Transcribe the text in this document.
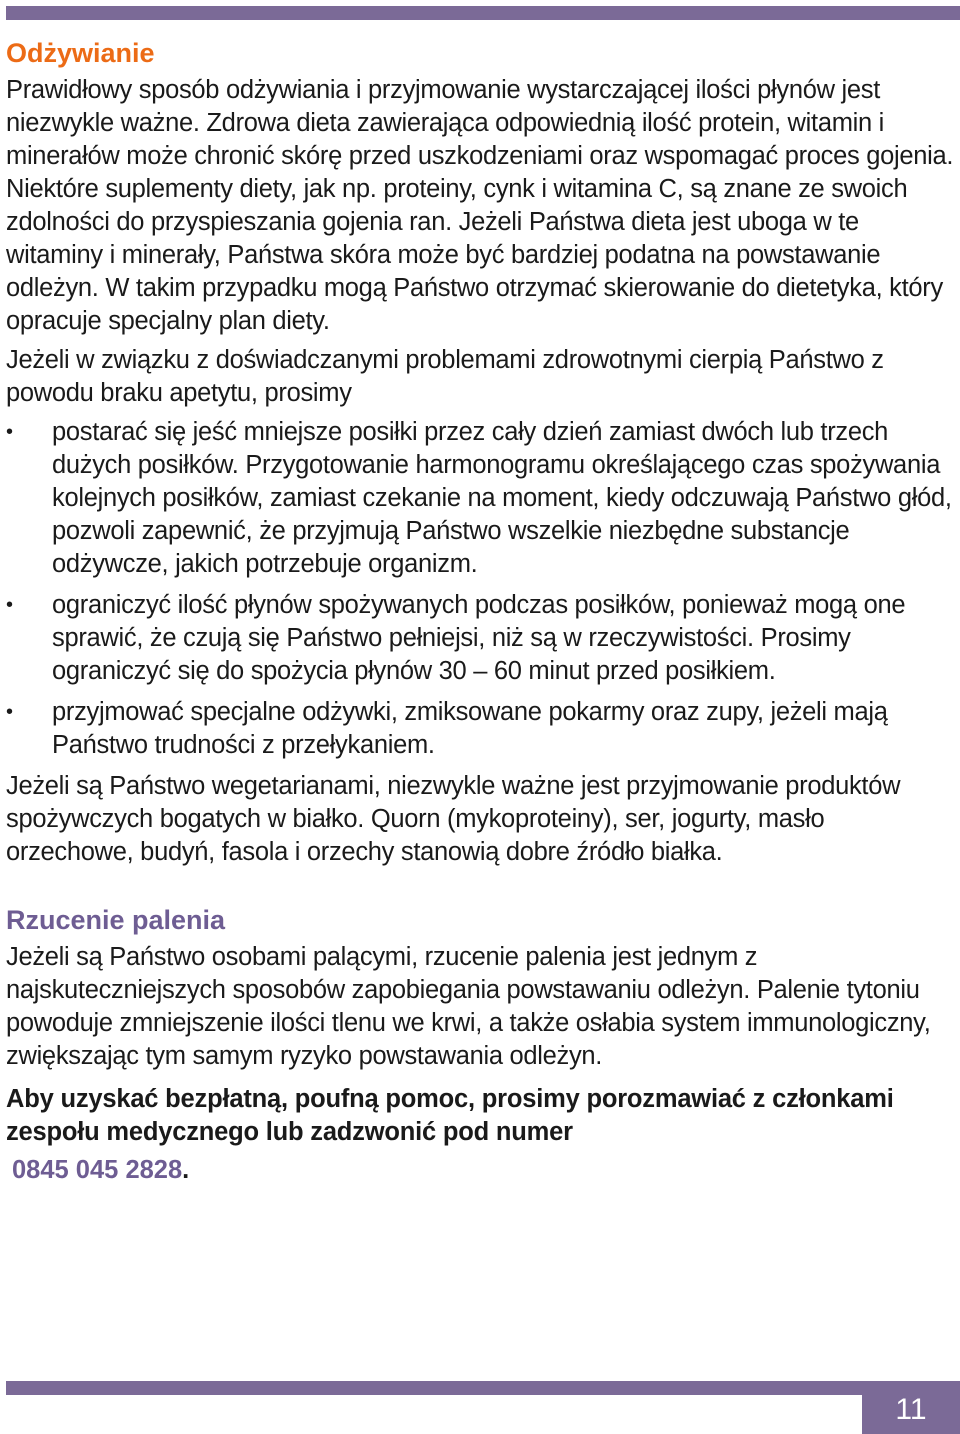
Odżywianie

Prawidłowy sposób odżywiania i przyjmowanie wystarczającej ilości płynów jest niezwykle ważne. Zdrowa dieta zawierająca odpowiednią ilość protein, witamin i minerałów może chronić skórę przed uszkodzeniami oraz wspomagać proces gojenia. Niektóre suplementy diety, jak np. proteiny, cynk i witamina C, są znane ze swoich zdolności do przyspieszania gojenia ran. Jeżeli Państwa dieta jest uboga w te witaminy i minerały, Państwa skóra może być bardziej podatna na powstawanie odleżyn. W takim przypadku mogą Państwo otrzymać skierowanie do dietetyka, który opracuje specjalny plan diety.

Jeżeli w związku z doświadczanymi problemami zdrowotnymi cierpią Państwo z powodu braku apetytu, prosimy

•	postarać się jeść mniejsze posiłki przez cały dzień zamiast dwóch lub trzech dużych posiłków. Przygotowanie harmonogramu określającego czas spożywania kolejnych posiłków, zamiast czekanie na moment, kiedy odczuwają Państwo głód, pozwoli zapewnić, że przyjmują Państwo wszelkie niezbędne substancje odżywcze, jakich potrzebuje organizm.
•	ograniczyć ilość płynów spożywanych podczas posiłków, ponieważ mogą one sprawić, że czują się Państwo pełniejsi, niż są w rzeczywistości. Prosimy ograniczyć się do spożycia płynów 30 – 60 minut przed posiłkiem.
•	przyjmować specjalne odżywki, zmiksowane pokarmy oraz zupy, jeżeli mają Państwo trudności z przełykaniem.

Jeżeli są Państwo wegetarianami, niezwykle ważne jest przyjmowanie produktów spożywczych bogatych w białko. Quorn (mykoproteiny), ser, jogurty, masło orzechowe, budyń, fasola i orzechy stanowią dobre źródło białka.

Rzucenie palenia

Jeżeli są Państwo osobami palącymi, rzucenie palenia jest jednym z najskuteczniejszych sposobów zapobiegania powstawaniu odleżyn. Palenie tytoniu powoduje zmniejszenie ilości tlenu we krwi, a także osłabia system immunologiczny, zwiększając tym samym ryzyko powstawania odleżyn.

Aby uzyskać bezpłatną, poufną pomoc, prosimy porozmawiać z członkami zespołu medycznego lub zadzwonić pod numer

0845 045 2828.
11
